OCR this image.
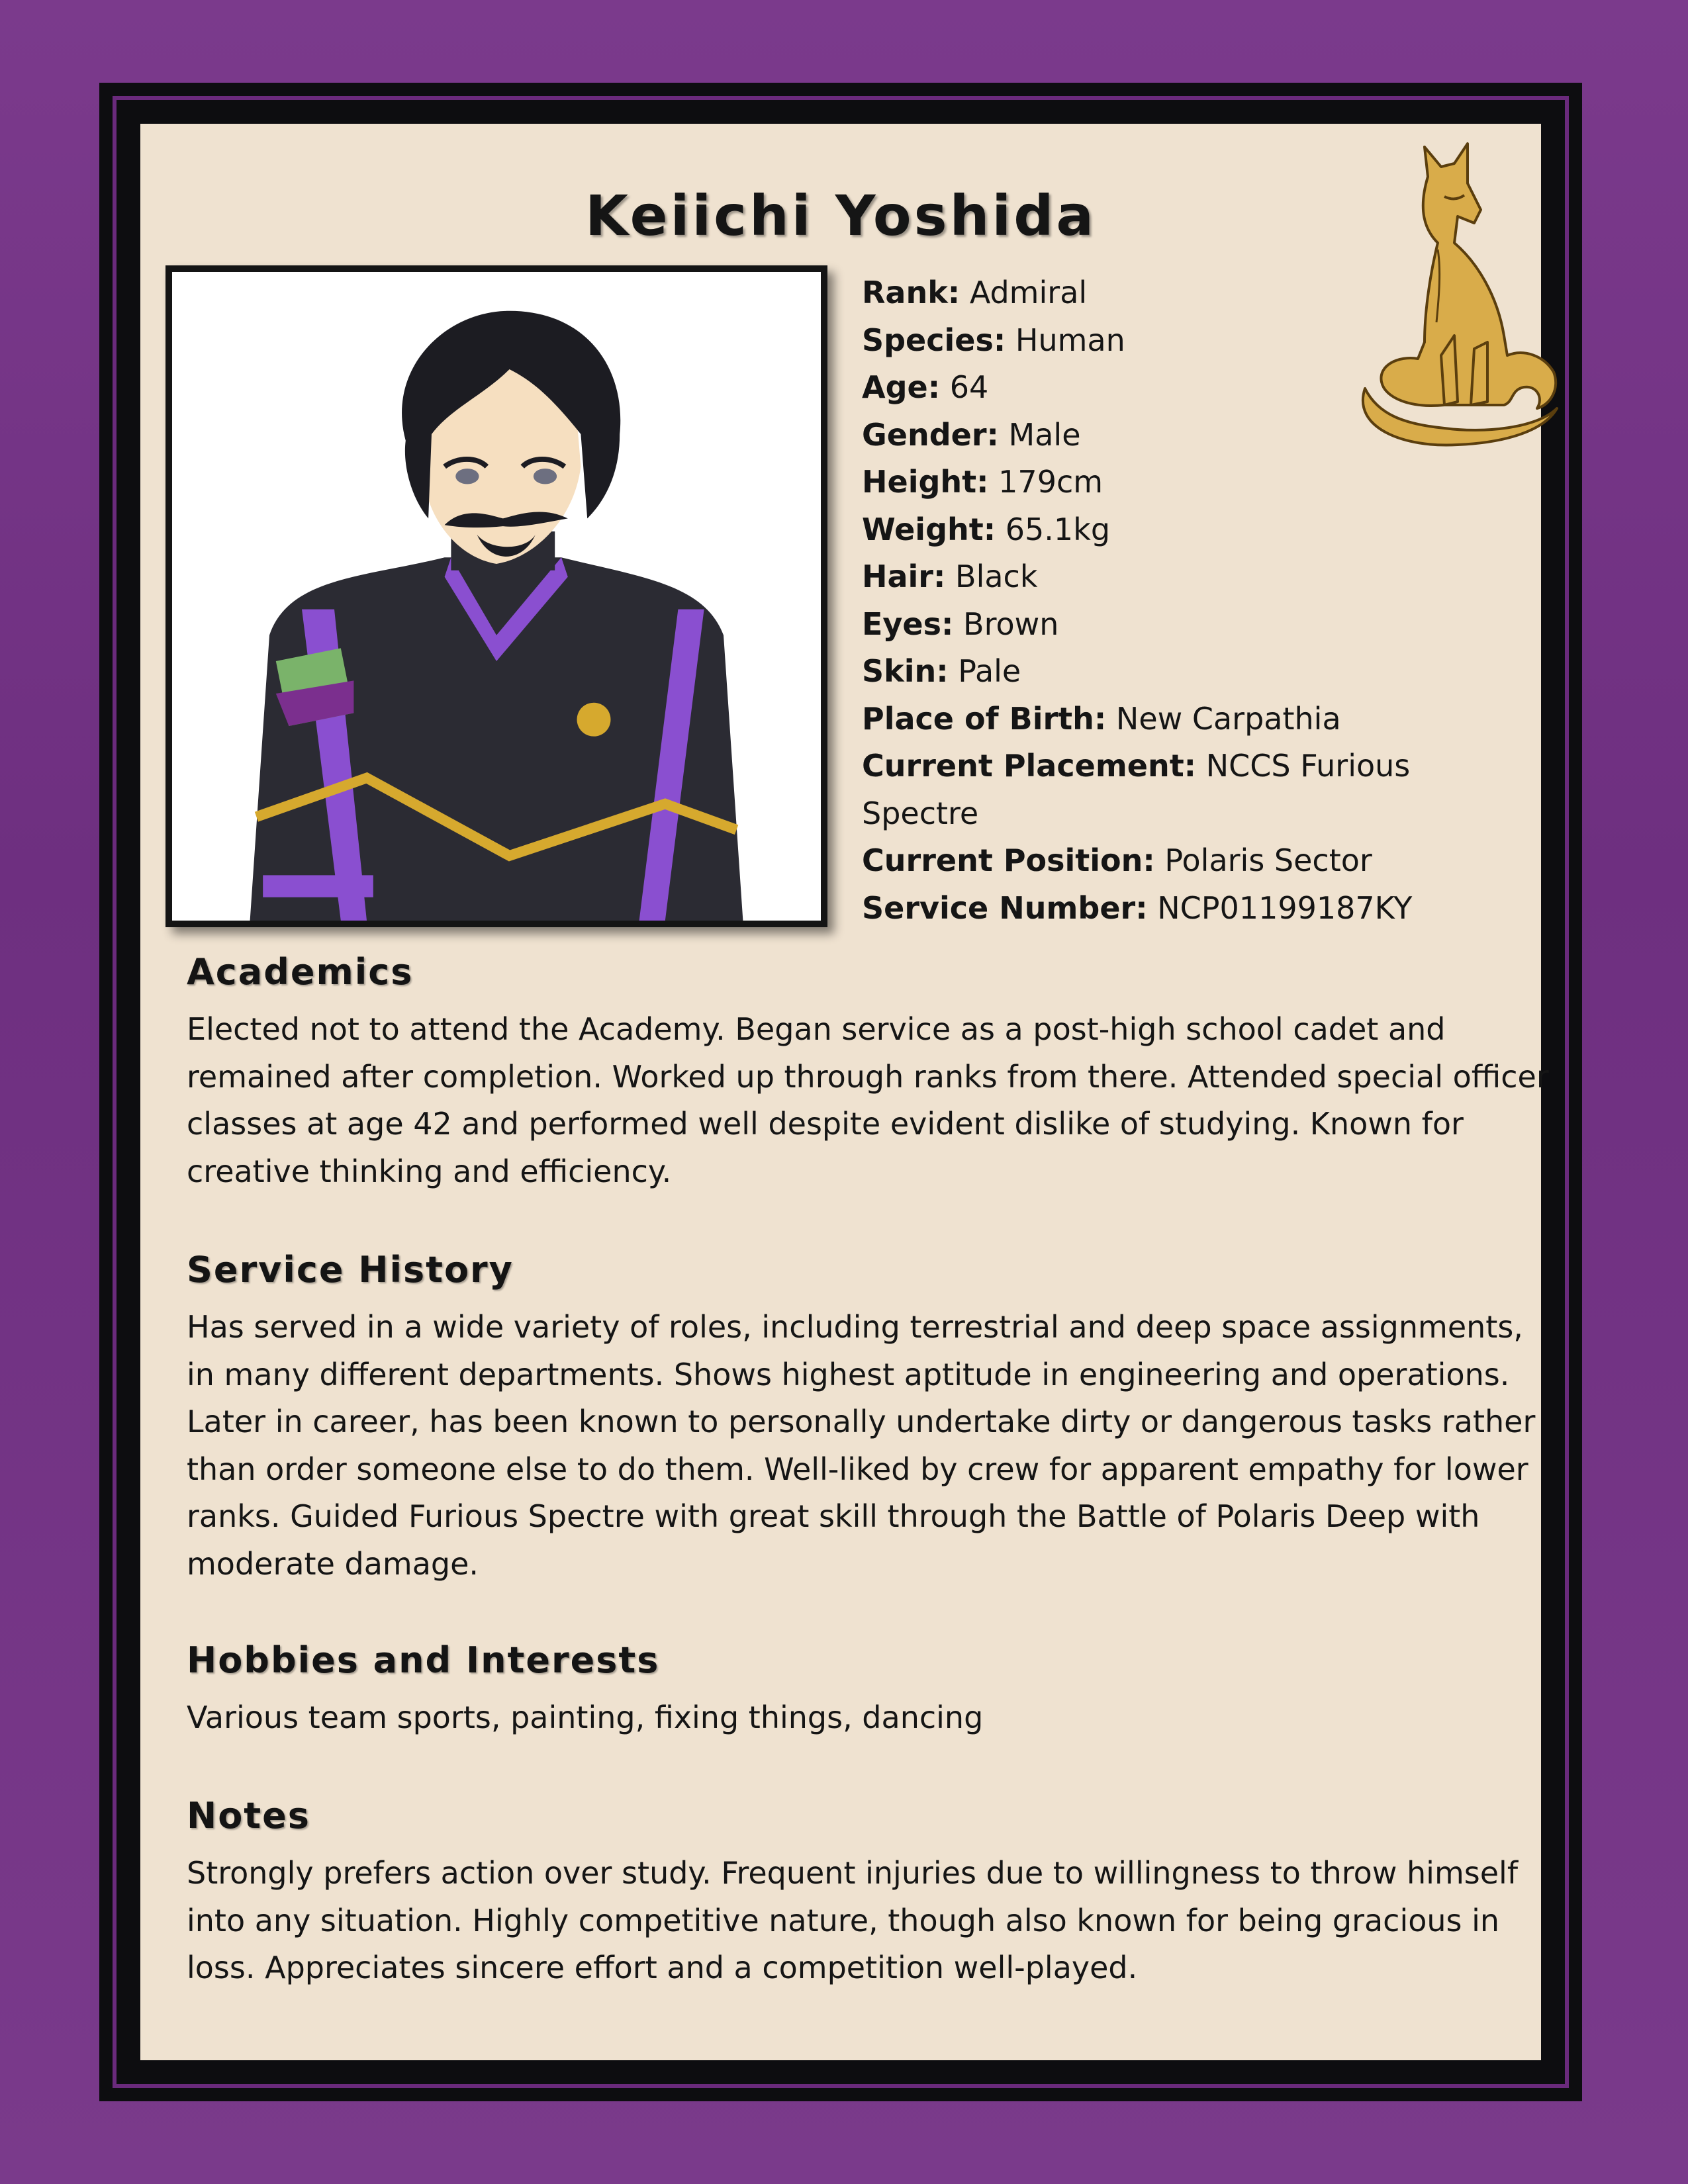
Keiichi Yoshida
Rank: Admiral
Species: Human
Age: 64
Gender: Male
Height: 179cm
Weight: 65.1kg
Hair: Black
Eyes: Brown
Skin: Pale
Place of Birth: New Carpathia
Current Placement: NCCS Furious Spectre
Current Position: Polaris Sector
Service Number: NCP01199187KY
Academics

Elected not to attend the Academy. Began service as a post-high school cadet and remained after completion. Worked up through ranks from there. Attended special officer classes at age 42 and performed well despite evident dislike of studying. Known for creative thinking and efficiency.

Service History

Has served in a wide variety of roles, including terrestrial and deep space assignments, in many different departments. Shows highest aptitude in engineering and operations. Later in career, has been known to personally undertake dirty or dangerous tasks rather than order someone else to do them. Well-liked by crew for apparent empathy for lower ranks. Guided Furious Spectre with great skill through the Battle of Polaris Deep with moderate damage.

Hobbies and Interests

Various team sports, painting, fixing things, dancing

Notes

Strongly prefers action over study. Frequent injuries due to willingness to throw himself into any situation. Highly competitive nature, though also known for being gracious in loss. Appreciates sincere effort and a competition well-played.
